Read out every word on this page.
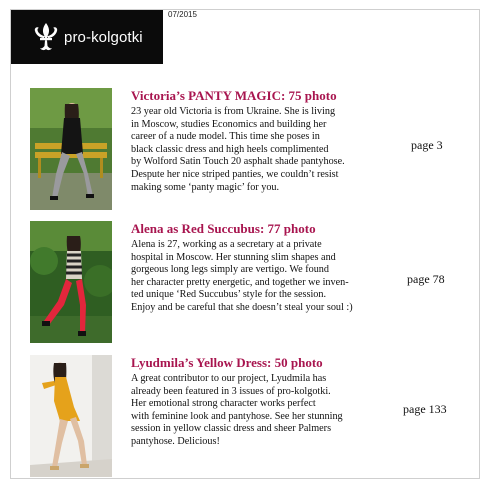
pro-kolgotki
07/2015
Victoria’s PANTY MAGIC: 75 photo

23 year old Victoria is from Ukraine. She is living
in Moscow, studies Economics and building her
career of a nude model. This time she poses in
black classic dress and high heels complimented
by Wolford Satin Touch 20 asphalt shade pantyhose.
Despute her nice striped panties, we couldn’t resist
making some ‘panty magic’ for you.

page 3
Alena as Red Succubus: 77 photo

Alena is 27, working as a secretary at a private
hospital in Moscow. Her stunning slim shapes and
gorgeous long legs simply are vertigo. We found
her character pretty energetic, and together we inven-
ted unique ‘Red Succubus’ style for the session.
Enjoy and be careful that she doesn’t steal your soul :)

page 78
Lyudmila’s Yellow Dress: 50 photo

A great contributor to our project, Lyudmila has
already been featured in 3 issues of pro-kolgotki.
Her emotional strong character works perfect
with feminine look and pantyhose. See her stunning
session in yellow classic dress and sheer Palmers
pantyhose. Delicious!

page 133
